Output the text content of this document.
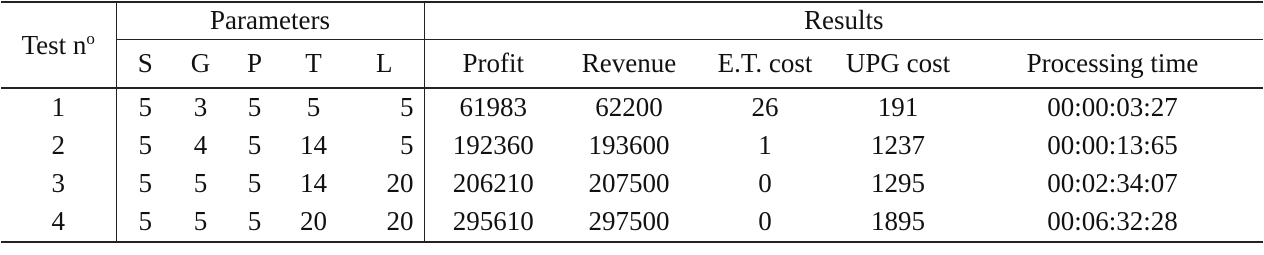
Test $n^o$	Parameters					Results				
	S	G	P	T	L	Profit	Revenue	E.T. cost	UPG cost	Processing time
1	5	3	5	5	5	61983	62200	26	191	00:00:03:27
2	5	4	5	14	5	192360	193600	1	1237	00:00:13:65
3	5	5	5	14	20	206210	207500	0	1295	00:02:34:07
4	5	5	5	20	20	295610	297500	0	1895	00:06:32:28
